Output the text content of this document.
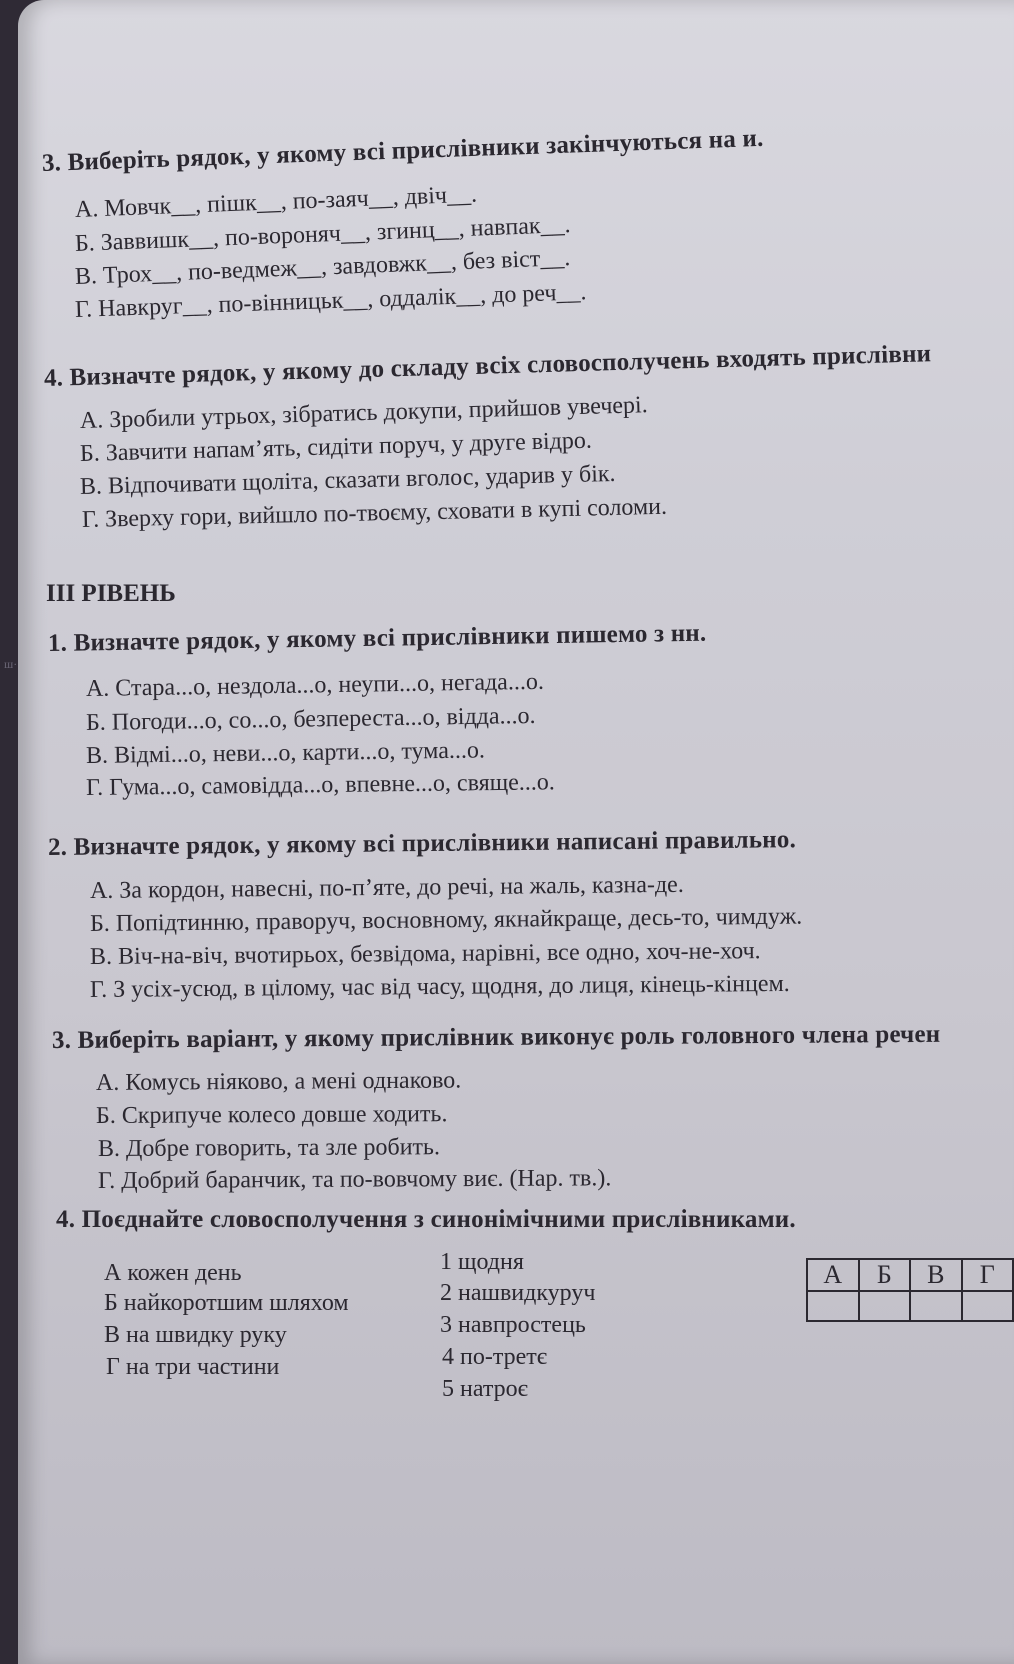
3. Виберіть рядок, у якому всі прислівники закінчуються на и.
А. Мовчк__, пішк__, по-заяч__, двіч__.
Б. Заввишк__, по-вороняч__, згинц__, навпак__.
В. Трох__, по-ведмеж__, завдовжк__, без віст__.
Г. Навкруг__, по-вінницьк__, оддалік__, до реч__.
4. Визначте рядок, у якому до складу всіх словосполучень входять прислівни
А. Зробили утрьох, зібратись докупи, прийшов увечері.
Б. Завчити напам’ять, сидіти поруч, у друге відро.
В. Відпочивати щоліта, сказати вголос, ударив у бік.
Г. Зверху гори, вийшло по-твоєму, сховати в купі соломи.
ІІІ РІВЕНЬ
ш·
1. Визначте рядок, у якому всі прислівники пишемо з нн.
А. Стара...о, нездола...о, неупи...о, негада...о.
Б. Погоди...о, со...о, безпереста...о, відда...о.
В. Відмі...о, неви...о, карти...о, тума...о.
Г. Гума...о, самовідда...о, впевне...о, свяще...о.
2. Визначте рядок, у якому всі прислівники написані правильно.
А. За кордон, навесні, по-п’яте, до речі, на жаль, казна-де.
Б. Попідтинню, праворуч, восновному, якнайкраще, десь-то, чимдуж.
В. Віч-на-віч, вчотирьох, безвідома, нарівні, все одно, хоч-не-хоч.
Г. З усіх-усюд, в цілому, час від часу, щодня, до лиця, кінець-кінцем.
3. Виберіть варіант, у якому прислівник виконує роль головного члена речен
А. Комусь ніяково, а мені однаково.
Б. Скрипуче колесо довше ходить.
В. Добре говорить, та зле робить.
Г. Добрий баранчик, та по-вовчому виє. (Нар. тв.).
4. Поєднайте словосполучення з синонімічними прислівниками.
А кожен день
Б найкоротшим шляхом
В на швидку руку
Г на три частини
1 щодня
2 нашвидкуруч
3 навпростець
4 по-третє
5 натроє
А	Б	В	Г
